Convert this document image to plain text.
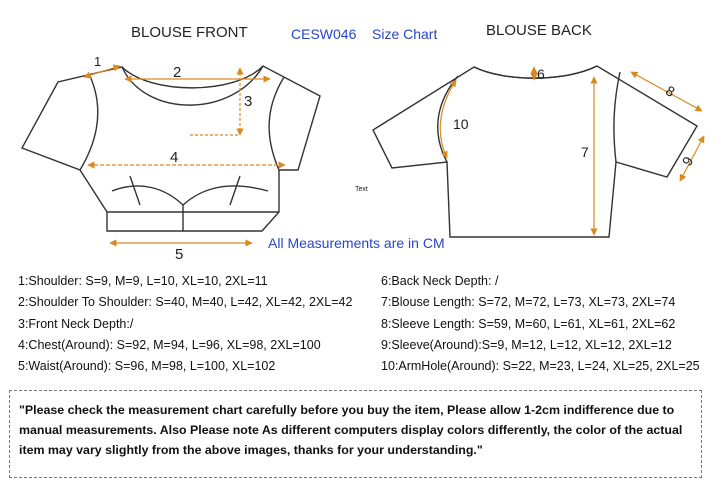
BLOUSE FRONT	CESW046 Size Chart	BLOUSE BACK
1
2
3
4
5
Text
6
7
8
9
10
All Measurements are in CM
1:Shoulder: S=9, M=9, L=10, XL=10, 2XL=11
2:Shoulder To Shoulder: S=40, M=40, L=42, XL=42, 2XL=42
3:Front Neck Depth:/
4:Chest(Around): S=92, M=94, L=96, XL=98, 2XL=100
5:Waist(Around): S=96, M=98, L=100, XL=102
6:Back Neck Depth: /
7:Blouse Length: S=72, M=72, L=73, XL=73, 2XL=74
8:Sleeve Length: S=59, M=60, L=61, XL=61, 2XL=62
9:Sleeve(Around):S=9, M=12, L=12, XL=12, 2XL=12
10:ArmHole(Around): S=22, M=23, L=24, XL=25, 2XL=25
"Please check the measurement chart carefully before you buy the item, Please allow 1-2cm indifference due to manual measurements. Also Please note As different computers display colors differently, the color of the actual item may vary slightly from the above images, thanks for your understanding."
